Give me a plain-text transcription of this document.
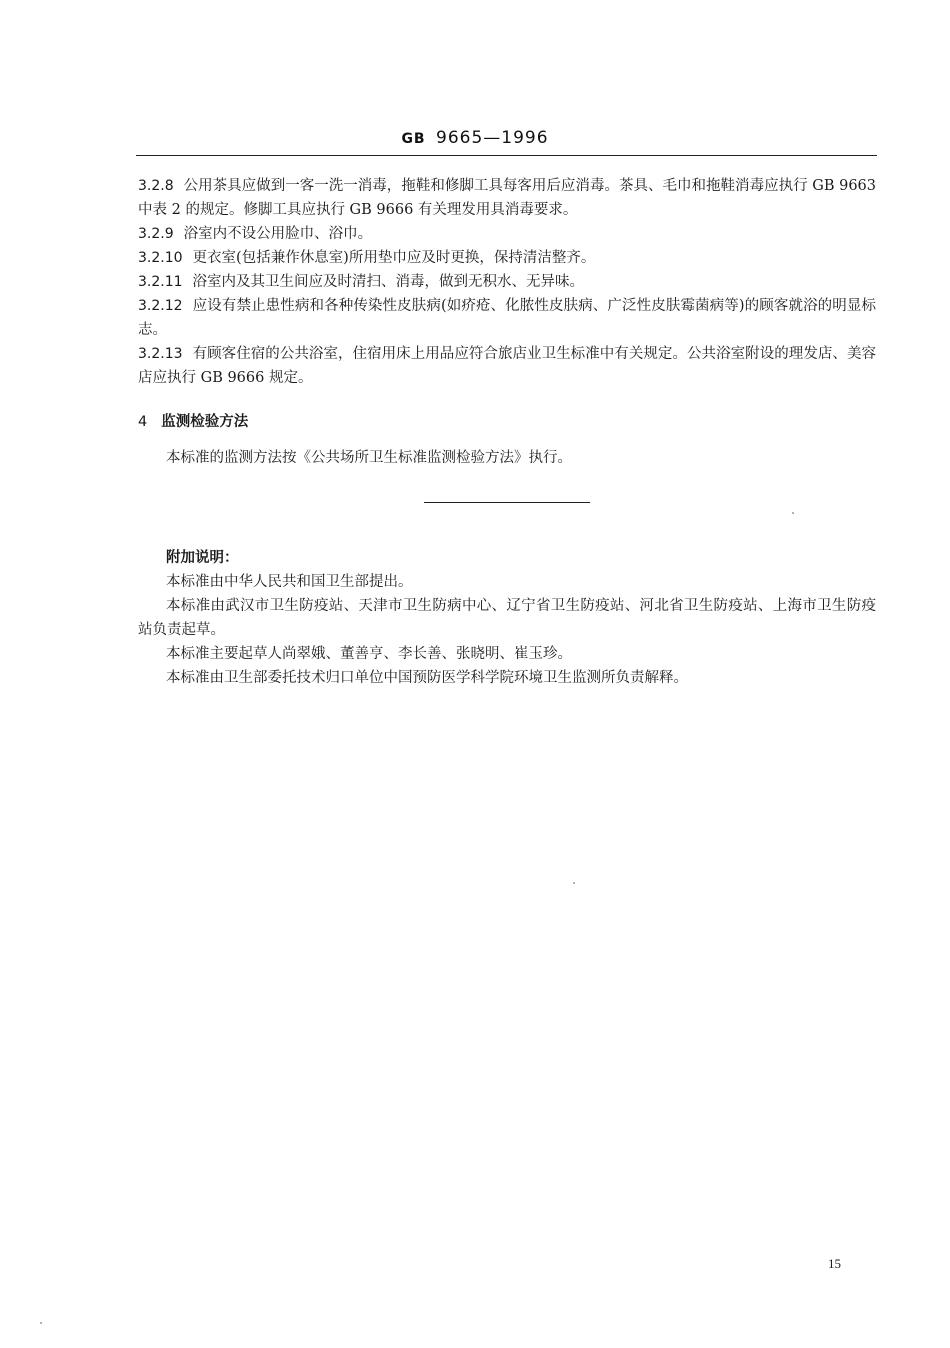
GB 9665—1996

3.2.8 公用茶具应做到一客一洗一消毒，拖鞋和修脚工具每客用后应消毒。茶具、毛巾和拖鞋消毒应执行 GB 9663 中表 2 的规定。修脚工具应执行 GB 9666 有关理发用具消毒要求。

3.2.9 浴室内不设公用脸巾、浴巾。

3.2.10 更衣室(包括兼作休息室)所用垫巾应及时更换，保持清洁整齐。

3.2.11 浴室内及其卫生间应及时清扫、消毒，做到无积水、无异味。

3.2.12 应设有禁止患性病和各种传染性皮肤病(如疥疮、化脓性皮肤病、广泛性皮肤霉菌病等)的顾客就浴的明显标志。

3.2.13 有顾客住宿的公共浴室，住宿用床上用品应符合旅店业卫生标准中有关规定。公共浴室附设的理发店、美容店应执行 GB 9666 规定。

4 监测检验方法
本标准的监测方法按《公共场所卫生标准监测检验方法》执行。

附加说明：

本标准由中华人民共和国卫生部提出。

本标准由武汉市卫生防疫站、天津市卫生防病中心、辽宁省卫生防疫站、河北省卫生防疫站、上海市卫生防疫站负责起草。

本标准主要起草人尚翠娥、董善亨、李长善、张晓明、崔玉珍。

本标准由卫生部委托技术归口单位中国预防医学科学院环境卫生监测所负责解释。

15
